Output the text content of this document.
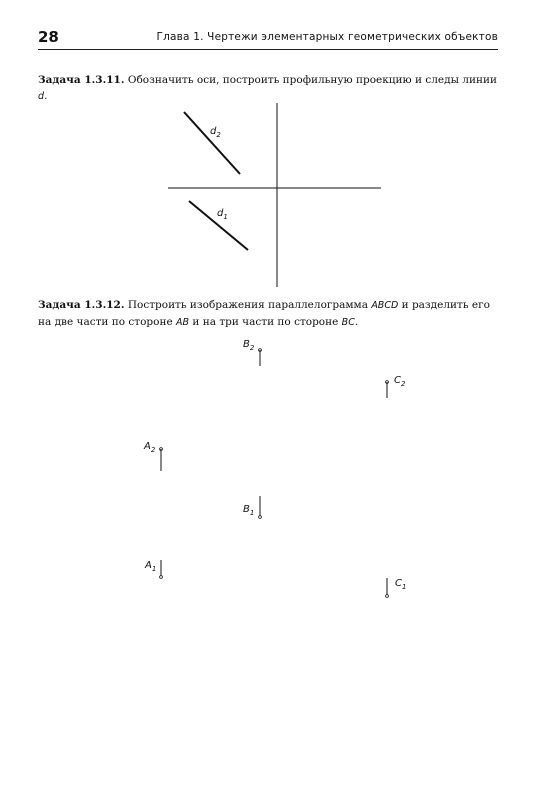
28	Глава 1. Чертежи элементарных геометрических объектов
Задача 1.3.11. Обозначить оси, построить профильную проекцию и следы линии d.
Задача 1.3.12. Построить изображения параллелограмма ABCD и разделить его на две части по стороне AB и на три части по стороне BC.
$d_2$
$d_1$
$B_2$
$C_2$
$A_2$
$B_1$
$A_1$
$C_1$
